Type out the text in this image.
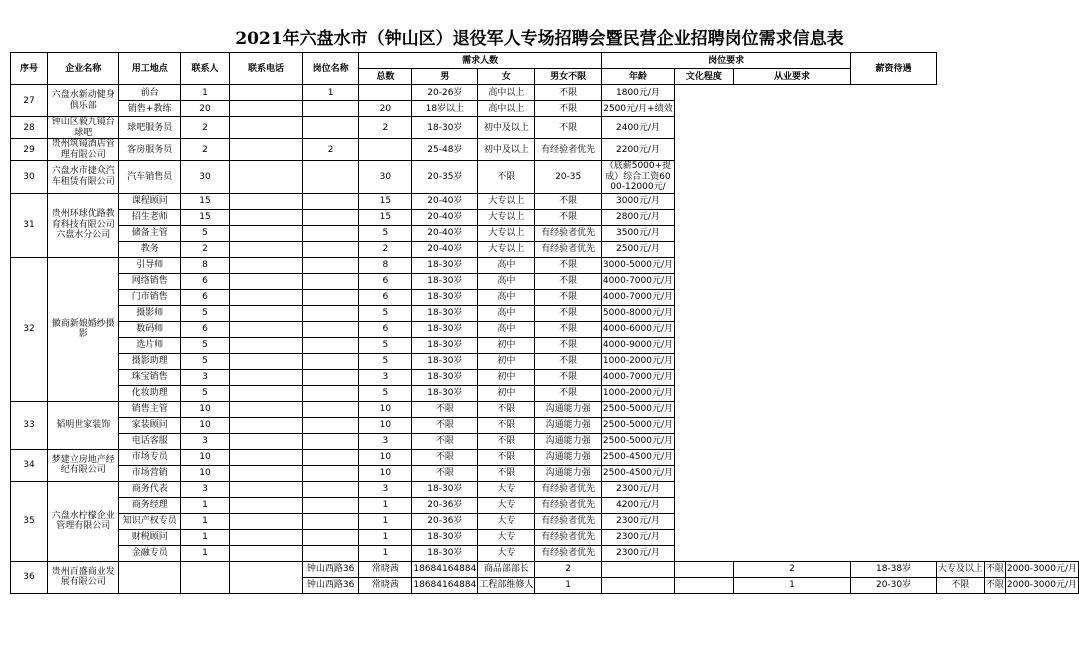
2021年六盘水市（钟山区）退役军人专场招聘会暨民营企业招聘岗位需求信息表
序号	企业名称	用工地点	联系人	联系电话	岗位名称	需求人数				岗位要求			薪资待遇			
						总数	男	女	男女不限	年龄	文化程度	从业要求				
27	六盘水新动健身俱乐部	前台	1		1		20-26岁	高中以上	不限	1800元/月						
		销售+教练	20			20	18岁以上	高中以上	不限	2500元/月+绩效						
28	钟山区毅九镜台球吧	球吧服务员	2			2	18-30岁	初中及以上	不限	2400元/月						
29	贵州筑镜酒店管理有限公司	客房服务员	2		2		25-48岁	初中及以上	有经验者优先	2200元/月						
30	六盘水市捷众汽车租赁有限公司	汽车销售员	30			30	20-35岁	不限	20-35	（底薪5000+提成）综合工资6000-12000元/						
31	贵州环球优路教育科技有限公司六盘水分公司	课程顾问	15			15	20-40岁	大专以上	不限	3000元/月						
		招生老师	15			15	20-40岁	大专以上	不限	2800元/月						
		储备主管	5			5	20-40岁	大专以上	有经验者优先	3500元/月						
		教务	2			2	20-40岁	大专以上	有经验者优先	2500元/月						
32	徽商新娘婚纱摄影	引导师	8			8	18-30岁	高中	不限	3000-5000元/月						
		网络销售	6			6	18-30岁	高中	不限	4000-7000元/月						
		门市销售	6			6	18-30岁	高中	不限	4000-7000元/月						
		摄影师	5			5	18-30岁	高中	不限	5000-8000元/月						
		数码师	6			6	18-30岁	高中	不限	4000-6000元/月						
		选片师	5			5	18-30岁	初中	不限	4000-9000元/月						
		摄影助理	5			5	18-30岁	初中	不限	1000-2000元/月						
		珠宝销售	3			3	18-30岁	初中	不限	4000-7000元/月						
		化妆助理	5			5	18-30岁	初中	不限	1000-2000元/月						
33	韬明世家装饰	销售主管	10			10	不限	不限	沟通能力强	2500-5000元/月						
		家装顾问	10			10	不限	不限	沟通能力强	2500-5000元/月						
		电话客服	3			3	不限	不限	沟通能力强	2500-5000元/月						
34	梦建立房地产经纪有限公司	市场专员	10			10	不限	不限	沟通能力强	2500-4500元/月						
		市场营销	10			10	不限	不限	沟通能力强	2500-4500元/月						
35	六盘水柠檬企业管理有限公司	商务代表	3			3	18-30岁	大专	有经验者优先	2300元/月						
		商务经理	1			1	20-36岁	大专	有经验者优先	4200元/月						
		知识产权专员	1			1	20-36岁	大专	有经验者优先	2300元/月						
		财税顾问	1			1	18-30岁	大专	有经验者优先	2300元/月						
		金融专员	1			1	18-30岁	大专	有经验者优先	2300元/月						
36	贵州百盛商业发展有限公司				钟山西路36	常晓茜	18684164884	商品部部长	2			2	18-38岁	大专及以上	不限	2000-3000元/月
					钟山西路36	常晓茜	18684164884	工程部维修人	1			1	20-30岁	不限	不限	2000-3000元/月
